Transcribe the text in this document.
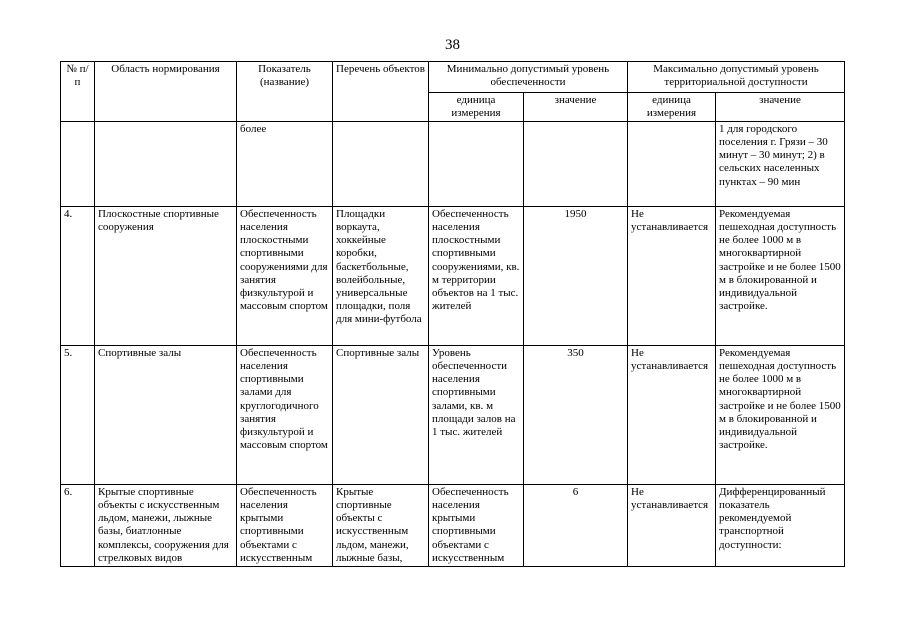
38
№ п/п	Область нормирования	Показатель (название)	Перечень объектов	Минимально допустимый уровень обеспеченности		Максимально допустимый уровень территориальной доступности	
				единица измерения	значение	единица измерения	значение
		более					1 для городского поселения г. Грязи – 30 минут – 30 минут; 2) в сельских населенных пунктах – 90 мин
4.	Плоскостные спортивные сооружения	Обеспеченность населения плоскостными спортивными сооружениями для занятия физкультурой и массовым спортом	Площадки воркаута, хоккейные коробки, баскетбольные, волейбольные, универсальные площадки, поля для мини-футбола	Обеспеченность населения плоскостными спортивными сооружениями, кв. м территории объектов на 1 тыс. жителей	1950	Не устанавливается	Рекомендуемая пешеходная доступность не более 1000 м в многоквартирной застройке и не более 1500 м в блокированной и индивидуальной застройке.
5.	Спортивные залы	Обеспеченность населения спортивными залами для круглогодичного занятия физкультурой и массовым спортом	Спортивные залы	Уровень обеспеченности населения спортивными залами, кв. м площади залов на 1 тыс. жителей	350	Не устанавливается	Рекомендуемая пешеходная доступность не более 1000 м в многоквартирной застройке и не более 1500 м в блокированной и индивидуальной застройке.
6.	Крытые спортивные объекты с искусственным льдом, манежи, лыжные базы, биатлонные комплексы, сооружения для стрелковых видов	Обеспеченность населения крытыми спортивными объектами с искусственным	Крытые спортивные объекты с искусственным льдом, манежи, лыжные базы,	Обеспеченность населения крытыми спортивными объектами с искусственным	6	Не устанавливается	Дифференцированный показатель рекомендуемой транспортной доступности:
